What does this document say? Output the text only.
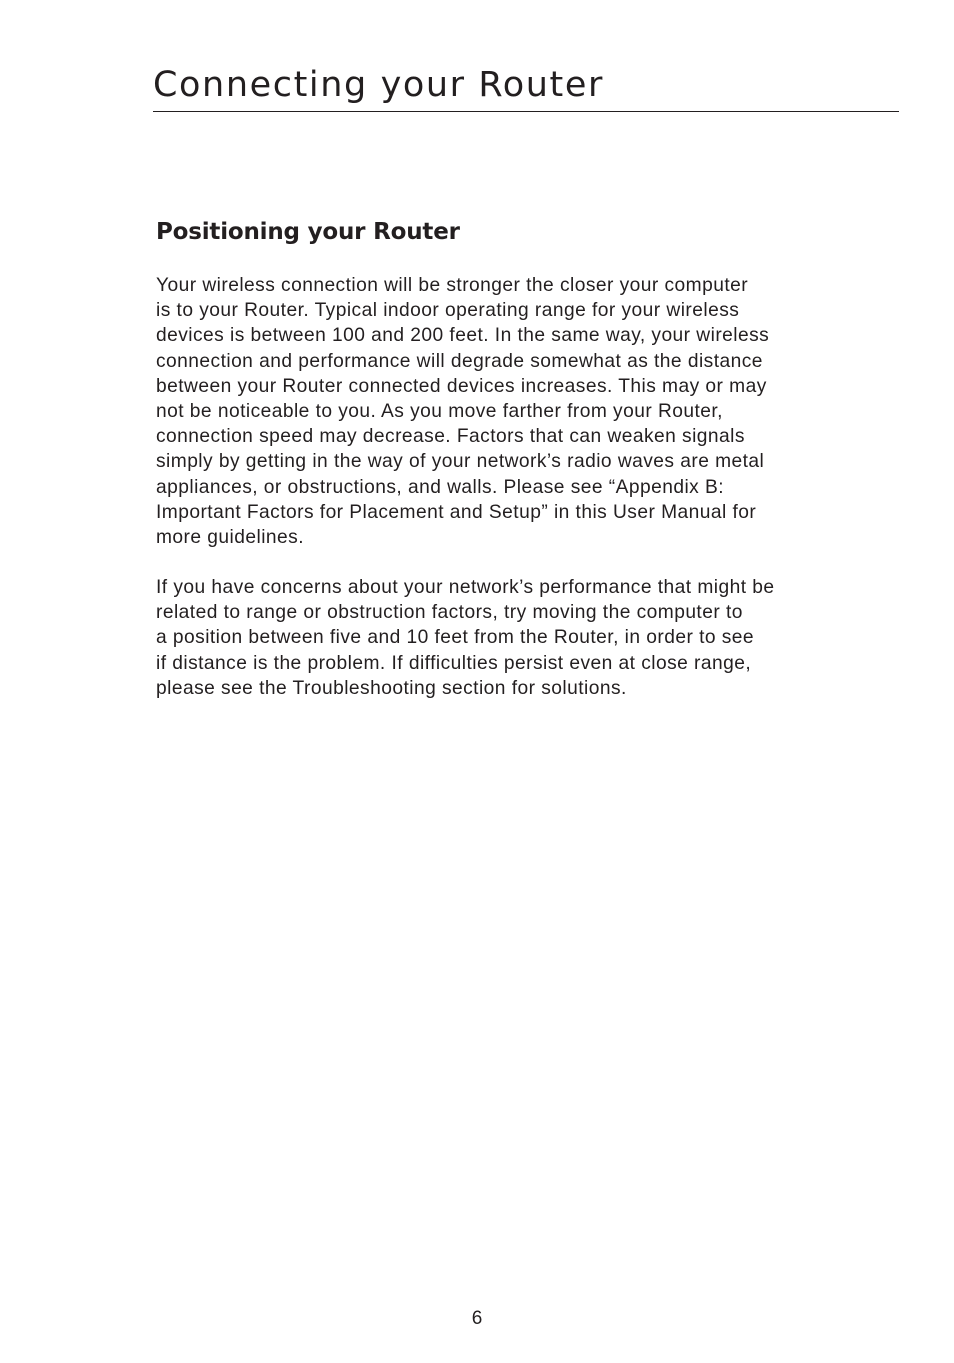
Connecting your Router
Positioning your Router

Your wireless connection will be stronger the closer your computer
is to your Router. Typical indoor operating range for your wireless
devices is between 100 and 200 feet. In the same way, your wireless
connection and performance will degrade somewhat as the distance
between your Router connected devices increases. This may or may
not be noticeable to you. As you move farther from your Router,
connection speed may decrease. Factors that can weaken signals
simply by getting in the way of your network’s radio waves are metal
appliances, or obstructions, and walls. Please see “Appendix B:
Important Factors for Placement and Setup” in this User Manual for
more guidelines.

If you have concerns about your network’s performance that might be
related to range or obstruction factors, try moving the computer to
a position between five and 10 feet from the Router, in order to see
if distance is the problem. If difficulties persist even at close range,
please see the Troubleshooting section for solutions.

6
